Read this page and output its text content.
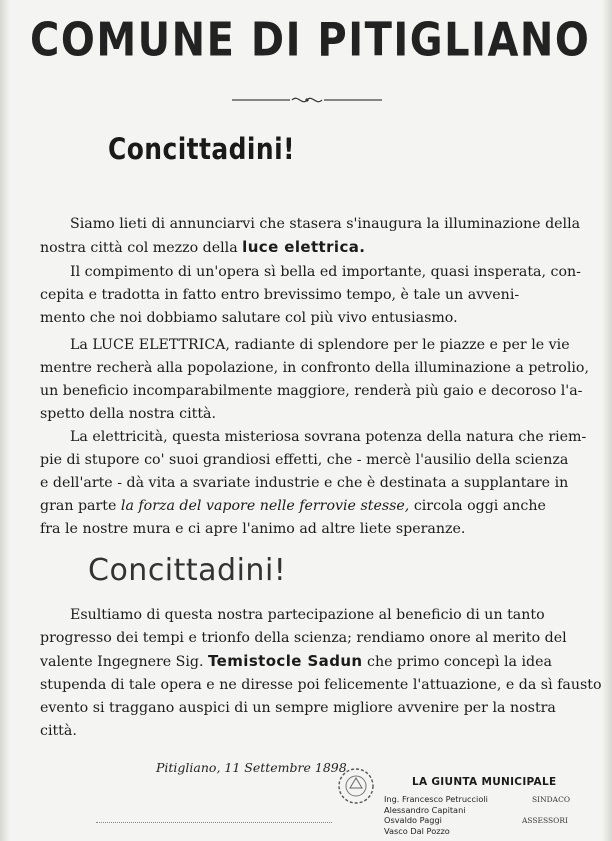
COMUNE DI PITIGLIANO
Concittadini!
Siamo lieti di annunciarvi che stasera s'inaugura la illuminazione della
nostra città col mezzo della luce elettrica.
Il compimento di un'opera sì bella ed importante, quasi insperata, con-
cepita e tradotta in fatto entro brevissimo tempo, è tale un avveni-
mento che noi dobbiamo salutare col più vivo entusiasmo.
La LUCE ELETTRICA, radiante di splendore per le piazze e per le vie
mentre recherà alla popolazione, in confronto della illuminazione a petrolio,
un beneficio incomparabilmente maggiore, renderà più gaio e decoroso l'a-
spetto della nostra città.
La elettricità, questa misteriosa sovrana potenza della natura che riem-
pie di stupore co' suoi grandiosi effetti, che - mercè l'ausilio della scienza
e dell'arte - dà vita a svariate industrie e che è destinata a supplantare in
gran parte la forza del vapore nelle ferrovie stesse, circola oggi anche
fra le nostre mura e ci apre l'animo ad altre liete speranze.
Concittadini!
Esultiamo di questa nostra partecipazione al beneficio di un tanto
progresso dei tempi e trionfo della scienza; rendiamo onore al merito del
valente Ingegnere Sig. Temistocle Sadun che primo concepì la idea
stupenda di tale opera e ne diresse poi felicemente l'attuazione, e da sì fausto
evento si traggano auspici di un sempre migliore avvenire per la nostra
città.
Pitigliano, 11 Settembre 1898
LA GIUNTA MUNICIPALE
Ing. Francesco Petruccioli
Alessandro Capitani
Osvaldo Paggi
Vasco Dal Pozzo
SINDACO
ASSESSORI
